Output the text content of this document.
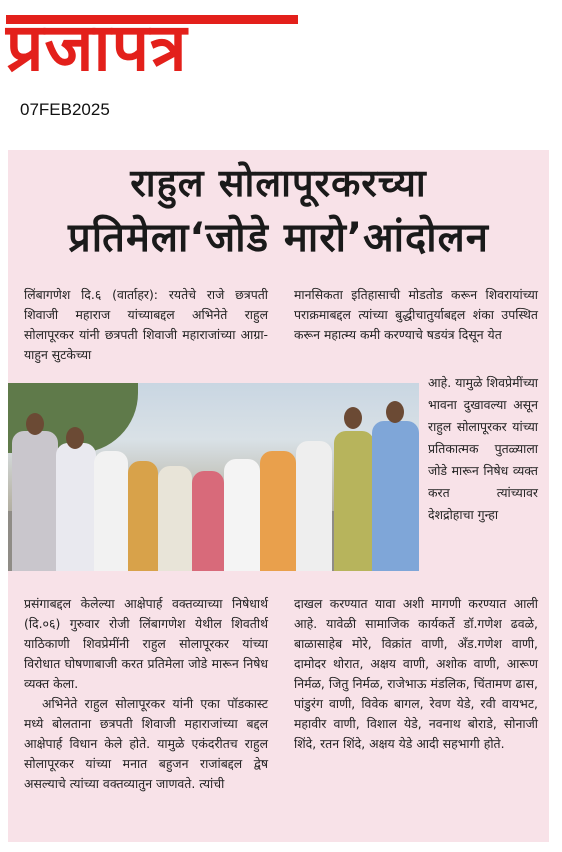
प्रजापत्र
07FEB2025
राहुल सोलापूरकरच्या
प्रतिमेला‘जोडे मारो’आंदोलन

लिंबागणेश दि.६ (वार्ताहर): रयतेचे राजे छत्रपती शिवाजी महाराज यांच्याबद्दल अभिनेते राहुल सोलापूरकर यांनी छत्रपती शिवाजी महाराजांच्या आग्रा-याहुन सुटकेच्या

मानसिकता इतिहासाची मोडतोड करून शिवरायांच्या पराक्रमाबद्दल त्यांच्या बुद्धीचातुर्याबद्दल शंका उपस्थित करून महात्म्य कमी करण्याचे षडयंत्र दिसून येत

आहे. यामुळे शिवप्रेमींच्या भावना दुखावल्या असून राहुल सोलापूरकर यांच्या प्रतिकात्मक पुतळ्याला जोडे मारून निषेध व्यक्त करत त्यांच्यावर देशद्रोहाचा गुन्हा

प्रसंगाबद्दल केलेल्या आक्षेपार्ह वक्तव्याच्या निषेधार्थ (दि.०६) गुरुवार रोजी लिंबागणेश येथील शिवतीर्थ याठिकाणी शिवप्रेमींनी राहुल सोलापूरकर यांच्या विरोधात घोषणाबाजी करत प्रतिमेला जोडे मारून निषेध व्यक्त केला.

अभिनेते राहुल सोलापूरकर यांनी एका पॉडकास्ट मध्ये बोलताना छत्रपती शिवाजी महाराजांच्या बद्दल आक्षेपार्ह विधान केले होते. यामुळे एकंदरीतच राहुल सोलापूरकर यांच्या मनात बहुजन राजांबद्दल द्वेष असल्याचे त्यांच्या वक्तव्यातुन जाणवते. त्यांची

दाखल करण्यात यावा अशी मागणी करण्यात आली आहे. यावेळी सामाजिक कार्यकर्ते डॉ.गणेश ढवळे, बाळासाहेब मोरे, विक्रांत वाणी, अँड.गणेश वाणी, दामोदर थोरात, अक्षय वाणी, अशोक वाणी, आरूण निर्मळ, जितु निर्मळ, राजेभाऊ मंडलिक, चिंतामण ढास, पांडुरंग वाणी, विवेक बागल, रेवण येडे, रवी वायभट, महावीर वाणी, विशाल येडे, नवनाथ बोराडे, सोनाजी शिंदे, रतन शिंदे, अक्षय येडे आदी सहभागी होते.
